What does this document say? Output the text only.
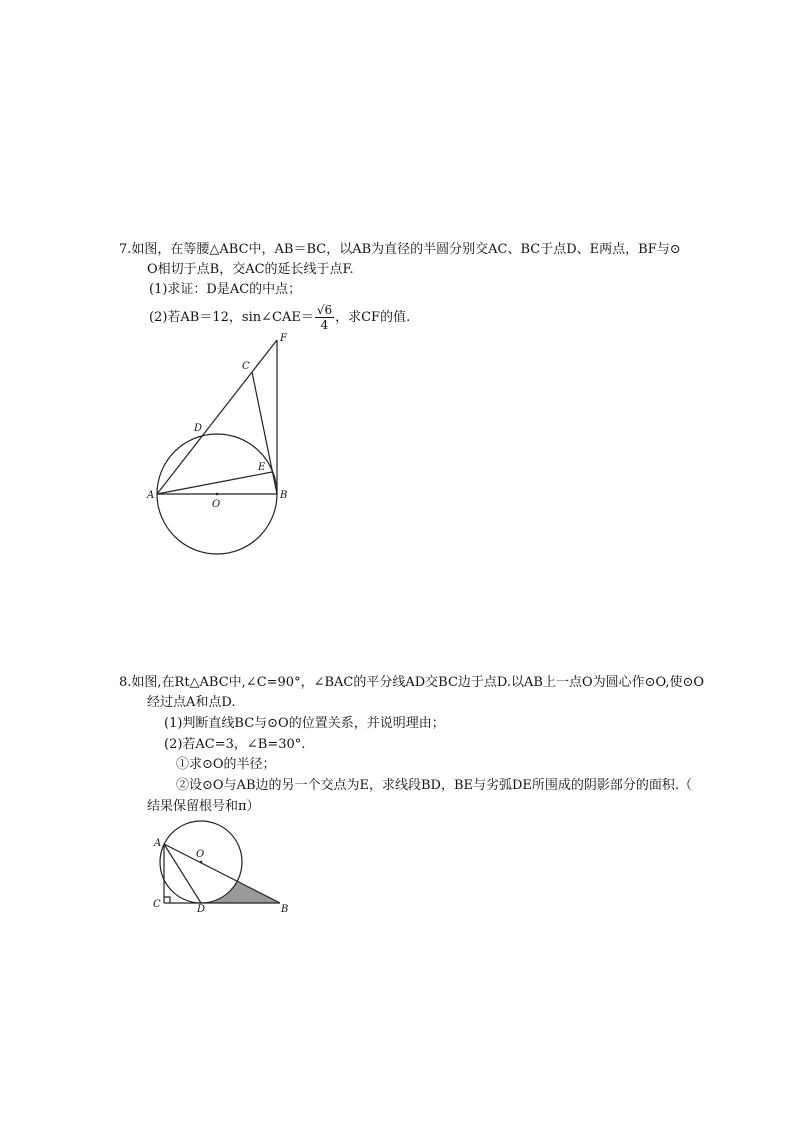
7.如图，在等腰△ABC中，AB＝BC，以AB为直径的半圆分别交AC、BC于点D、E两点，BF与⊙
O相切于点B，交AC的延长线于点F.
(1)求证：D是AC的中点；
(2)若AB＝12，sin∠CAE＝ $\frac{√6}{4}$ ，求CF的值.
F
C
D
E
A	B
O
8.如图,在Rt△ABC中,∠C=90°，∠BAC的平分线AD交BC边于点D.以AB上一点O为圆心作⊙O,使⊙O
经过点A和点D.
(1)判断直线BC与⊙O的位置关系，并说明理由；
(2)若AC=3，∠B=30°.
①求⊙O的半径；
②设⊙O与AB边的另一个交点为E，求线段BD，BE与劣弧DE所围成的阴影部分的面积.（
结果保留根号和π）
A
O
C	D	B
